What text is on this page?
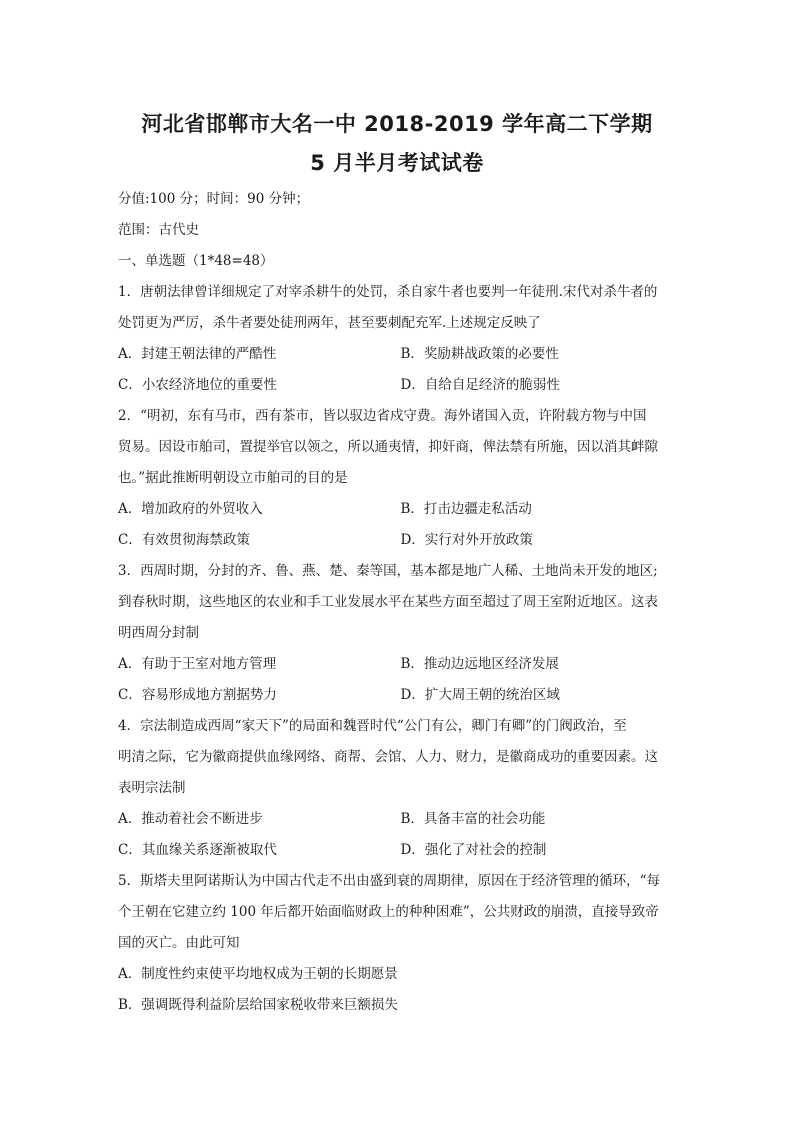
河北省邯郸市大名一中 2018-2019 学年高二下学期
5 月半月考试试卷
分值:100 分；时间：90 分钟；
范围：古代史
一、单选题（1*48=48）
1．唐朝法律曾详细规定了对宰杀耕牛的处罚，杀自家牛者也要判一年徒刑.宋代对杀牛者的
处罚更为严厉，杀牛者要处徒刑两年，甚至要刺配充军.上述规定反映了
A．封建王朝法律的严酷性	B．奖励耕战政策的必要性
C．小农经济地位的重要性	D．自给自足经济的脆弱性
2．“明初，东有马市，西有茶市，皆以驭边省戍守费。海外诸国入贡，许附载方物与中国
贸易。因设市舶司，置提举官以领之，所以通夷情，抑奸商，俾法禁有所施，因以消其衅隙
也。”据此推断明朝设立市舶司的目的是
A．增加政府的外贸收入	B．打击边疆走私活动
C．有效贯彻海禁政策	D．实行对外开放政策
3．西周时期，分封的齐、鲁、燕、楚、秦等国，基本都是地广人稀、土地尚未开发的地区;
到春秋时期，这些地区的农业和手工业发展水平在某些方面至超过了周王室附近地区。这表
明西周分封制
A．有助于王室对地方管理	B．推动边远地区经济发展
C．容易形成地方割据势力	D．扩大周王朝的统治区域
4．宗法制造成西周“家天下”的局面和魏晋时代“公门有公，卿门有卿”的门阀政治，至
明清之际，它为徽商提供血缘网络、商帮、会馆、人力、财力，是徽商成功的重要因素。这
表明宗法制
A．推动着社会不断进步	B．具备丰富的社会功能
C．其血缘关系逐渐被取代	D．强化了对社会的控制
5．斯塔夫里阿诺斯认为中国古代走不出由盛到衰的周期律，原因在于经济管理的循环，“每
个王朝在它建立约 100 年后都开始面临财政上的种种困难”，公共财政的崩溃，直接导致帝
国的灭亡。由此可知
A．制度性约束使平均地权成为王朝的长期愿景
B．强调既得利益阶层给国家税收带来巨额损失
